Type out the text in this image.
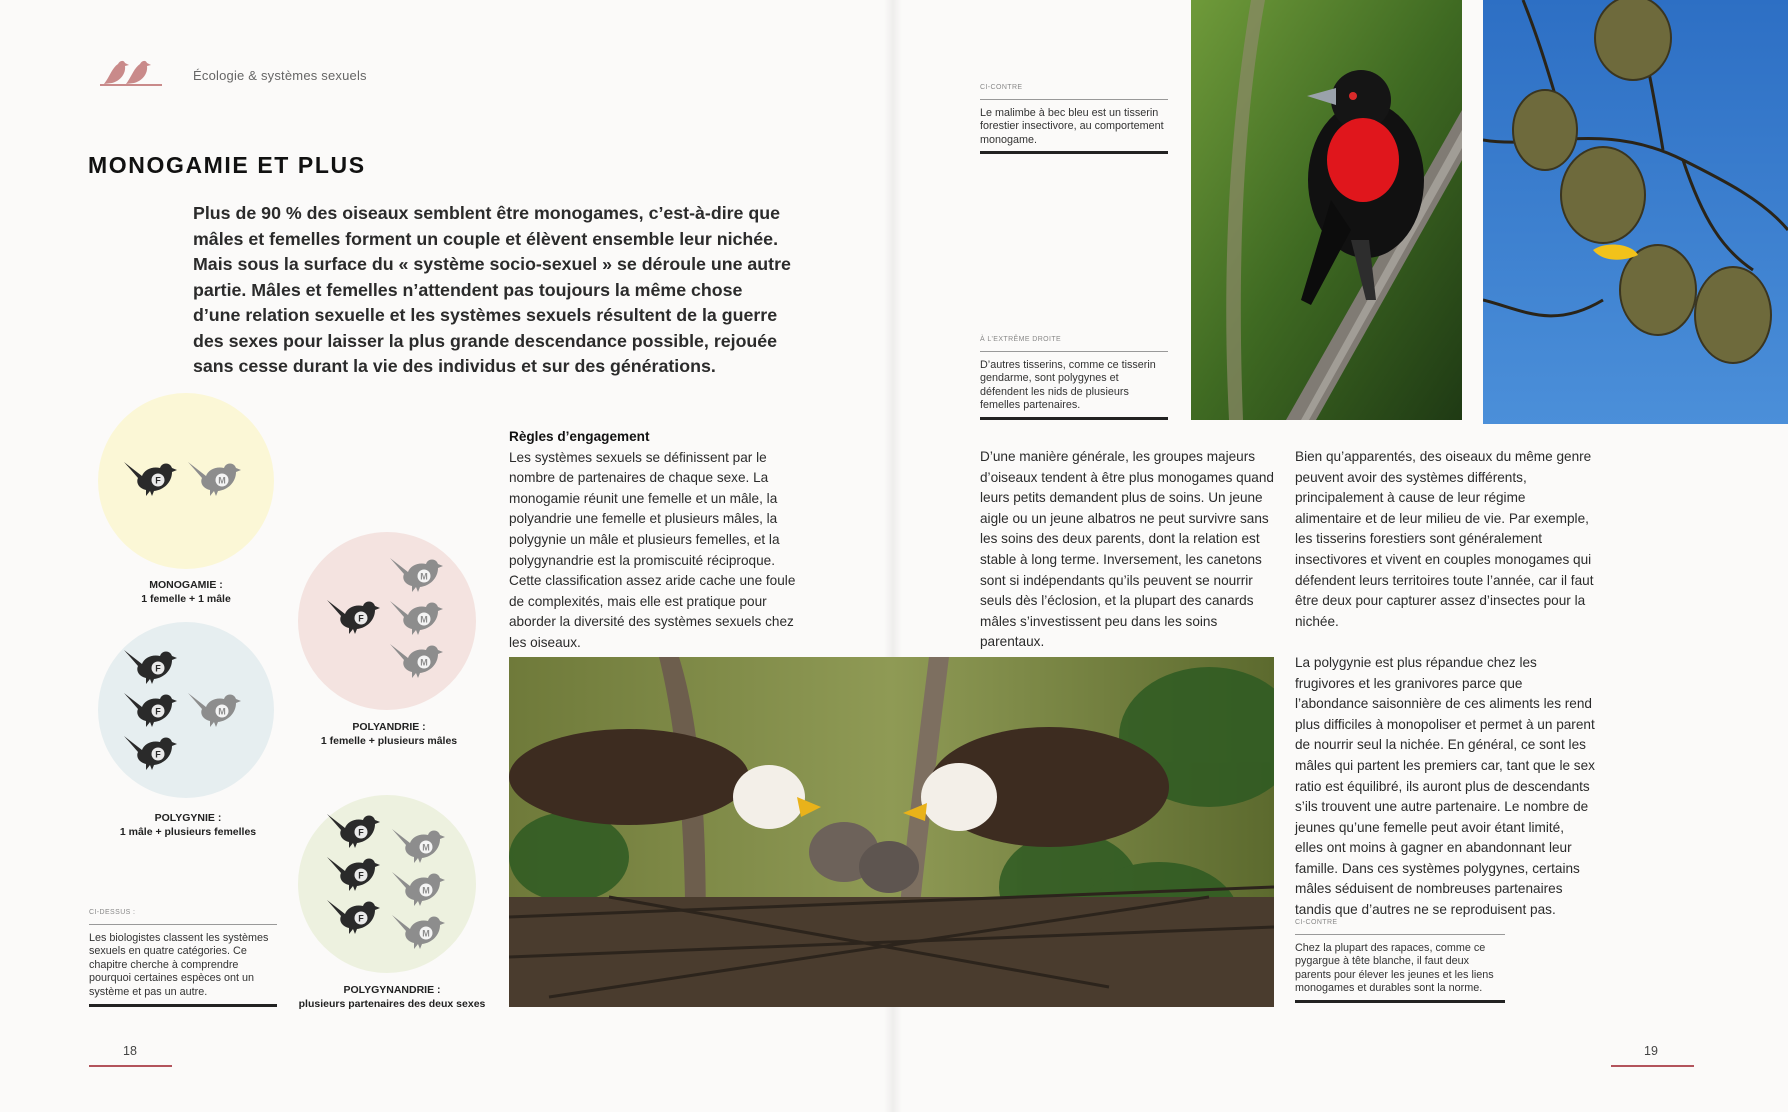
Écologie & systèmes sexuels
MONOGAMIE ET PLUS
Plus de 90 % des oiseaux semblent être monogames, c’est-à-dire que mâles et femelles forment un couple et élèvent ensemble leur nichée. Mais sous la surface du « système socio-sexuel » se déroule une autre partie. Mâles et femelles n’attendent pas toujours la même chose d’une relation sexuelle et les systèmes sexuels résultent de la guerre des sexes pour laisser la plus grande descendance possible, rejouée sans cesse durant la vie des individus et sur des générations.
F	M
F
M
M
M
F
F
F
M
F
F
F
M
M
M
MONOGAMIE :
1 femelle + 1 mâle
POLYANDRIE :
1 femelle + plusieurs mâles
POLYGYNIE :
1 mâle + plusieurs femelles
POLYGYNANDRIE :
plusieurs partenaires des deux sexes
CI-DESSUS :
Les biologistes classent les systèmes sexuels en quatre catégories. Ce chapitre cherche à comprendre pourquoi certaines espèces ont un système et pas un autre.
Règles d’engagement
Les systèmes sexuels se définissent par le nombre de partenaires de chaque sexe. La monogamie réunit une femelle et un mâle, la polyandrie une femelle et plusieurs mâles, la polygynie un mâle et plusieurs femelles, et la polygynandrie est la promiscuité réciproque. Cette classification assez aride cache une foule de complexités, mais elle est pratique pour aborder la diversité des systèmes sexuels chez les oiseaux.
D’une manière générale, les groupes majeurs d’oiseaux tendent à être plus monogames quand leurs petits demandent plus de soins. Un jeune aigle ou un jeune albatros ne peut survivre sans les soins des deux parents, dont la relation est stable à long terme. Inversement, les canetons sont si indépendants qu’ils peuvent se nourrir seuls dès l’éclosion, et la plupart des canards mâles s’investissent peu dans les soins parentaux.
Bien qu’apparentés, des oiseaux du même genre peuvent avoir des systèmes différents, principalement à cause de leur régime alimentaire et de leur milieu de vie. Par exemple, les tisserins forestiers sont généralement insectivores et vivent en couples monogames qui défendent leurs territoires toute l’année, car il faut être deux pour capturer assez d’insectes pour la nichée.
La polygynie est plus répandue chez les frugivores et les granivores parce que l’abondance saisonnière de ces aliments les rend plus difficiles à monopoliser et permet à un parent de nourrir seul la nichée. En général, ce sont les mâles qui partent les premiers car, tant que le sex ratio est équilibré, ils auront plus de descendants s’ils trouvent une autre partenaire. Le nombre de jeunes qu’une femelle peut avoir étant limité, elles ont moins à gagner en abandonnant leur famille. Dans ces systèmes polygynes, certains mâles séduisent de nombreuses partenaires tandis que d’autres ne se reproduisent pas.
CI-CONTRE
Le malimbe à bec bleu est un tisserin forestier insectivore, au comportement monogame.
À L’EXTRÊME DROITE
D’autres tisserins, comme ce tisserin gendarme, sont polygynes et défendent les nids de plusieurs femelles partenaires.
CI-CONTRE
Chez la plupart des rapaces, comme ce pygargue à tête blanche, il faut deux parents pour élever les jeunes et les liens monogames et durables sont la norme.
18	19
